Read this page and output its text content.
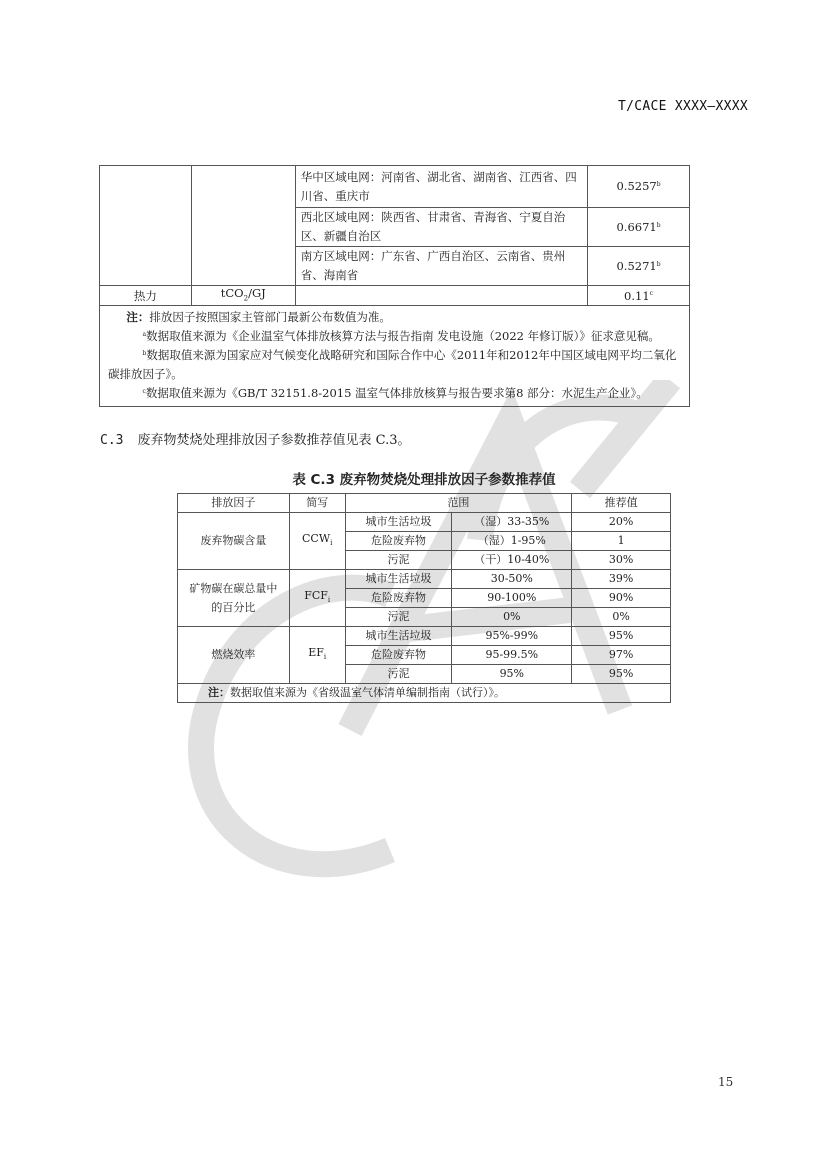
T/CACE XXXX—XXXX
		华中区域电网：河南省、湖北省、湖南省、江西省、四川省、重庆市	0.5257$^b$
		西北区域电网：陕西省、甘肃省、青海省、宁夏自治区、新疆自治区	0.6671$^b$
		南方区域电网：广东省、广西自治区、云南省、贵州省、海南省	0.5271$^b$
热力	tCO$_2$/GJ		0.11$^c$

注：排放因子按照国家主管部门最新公布数值为准。

$^a$数据取值来源为《企业温室气体排放核算方法与报告指南 发电设施（2022 年修订版）》征求意见稿。

$^b$数据取值来源为国家应对气候变化战略研究和国际合作中心《2011年和2012年中国区域电网平均二氧化碳排放因子》。

$^c$数据取值来源为《GB/T 32151.8-2015 温室气体排放核算与报告要求第8 部分：水泥生产企业》。			

C.3 废弃物焚烧处理排放因子参数推荐值见表 C.3。
表 C.3 废弃物焚烧处理排放因子参数推荐值
排放因子	简写	范围		推荐值
废弃物碳含量	$CCW_i$	城市生活垃圾	（湿）33-35%	20%
		危险废弃物	（湿）1-95%	1
		污泥	（干）10-40%	30%
矿物碳在碳总量中的百分比	$FCF_i$	城市生活垃圾	30-50%	39%
		危险废弃物	90-100%	90%
		污泥	0%	0%
燃烧效率	$EF_i$	城市生活垃圾	95%-99%	95%
		危险废弃物	95-99.5%	97%
		污泥	95%	95%
注：数据取值来源为《省级温室气体清单编制指南（试行）》。				
15
